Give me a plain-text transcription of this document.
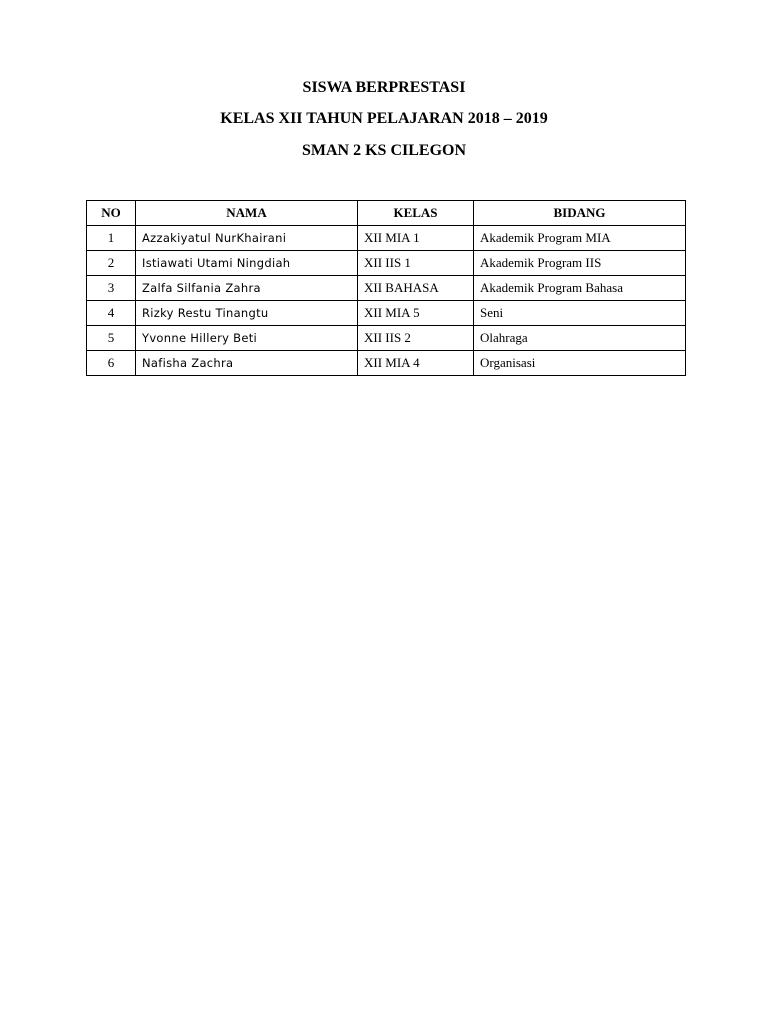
SISWA BERPRESTASI
KELAS XII TAHUN PELAJARAN 2018 – 2019
SMAN 2 KS CILEGON
NO	NAMA	KELAS	BIDANG
1	Azzakiyatul NurKhairani	XII MIA 1	Akademik Program MIA
2	Istiawati Utami Ningdiah	XII IIS 1	Akademik Program IIS
3	Zalfa Silfania Zahra	XII BAHASA	Akademik Program Bahasa
4	Rizky Restu Tinangtu	XII MIA 5	Seni
5	Yvonne Hillery Beti	XII IIS 2	Olahraga
6	Nafisha Zachra	XII MIA 4	Organisasi
